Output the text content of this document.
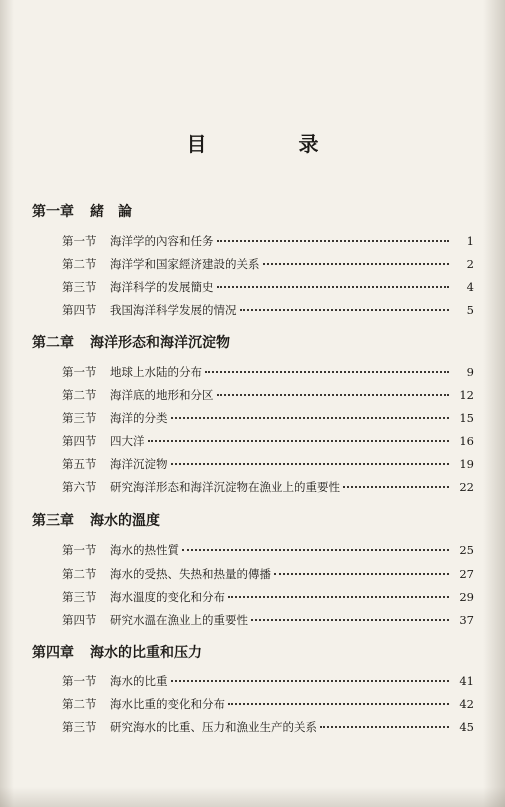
目　录
第一章 緒　論
第一节	海洋学的內容和任务	1
第二节	海洋学和国家經济建設的关系	2
第三节	海洋科学的发展簡史	4
第四节	我国海洋科学发展的情况	5
第二章 海洋形态和海洋沉淀物
第一节	地球上水陆的分布	9
第二节	海洋底的地形和分区	12
第三节	海洋的分类	15
第四节	四大洋	16
第五节	海洋沉淀物	19
第六节	研究海洋形态和海洋沉淀物在漁业上的重要性	22
第三章 海水的溫度
第一节	海水的热性質	25
第二节	海水的受热、失热和热量的傳播	27
第三节	海水溫度的变化和分布	29
第四节	研究水溫在漁业上的重要性	37
第四章 海水的比重和压力
第一节	海水的比重	41
第二节	海水比重的变化和分布	42
第三节	研究海水的比重、压力和漁业生产的关系	45
